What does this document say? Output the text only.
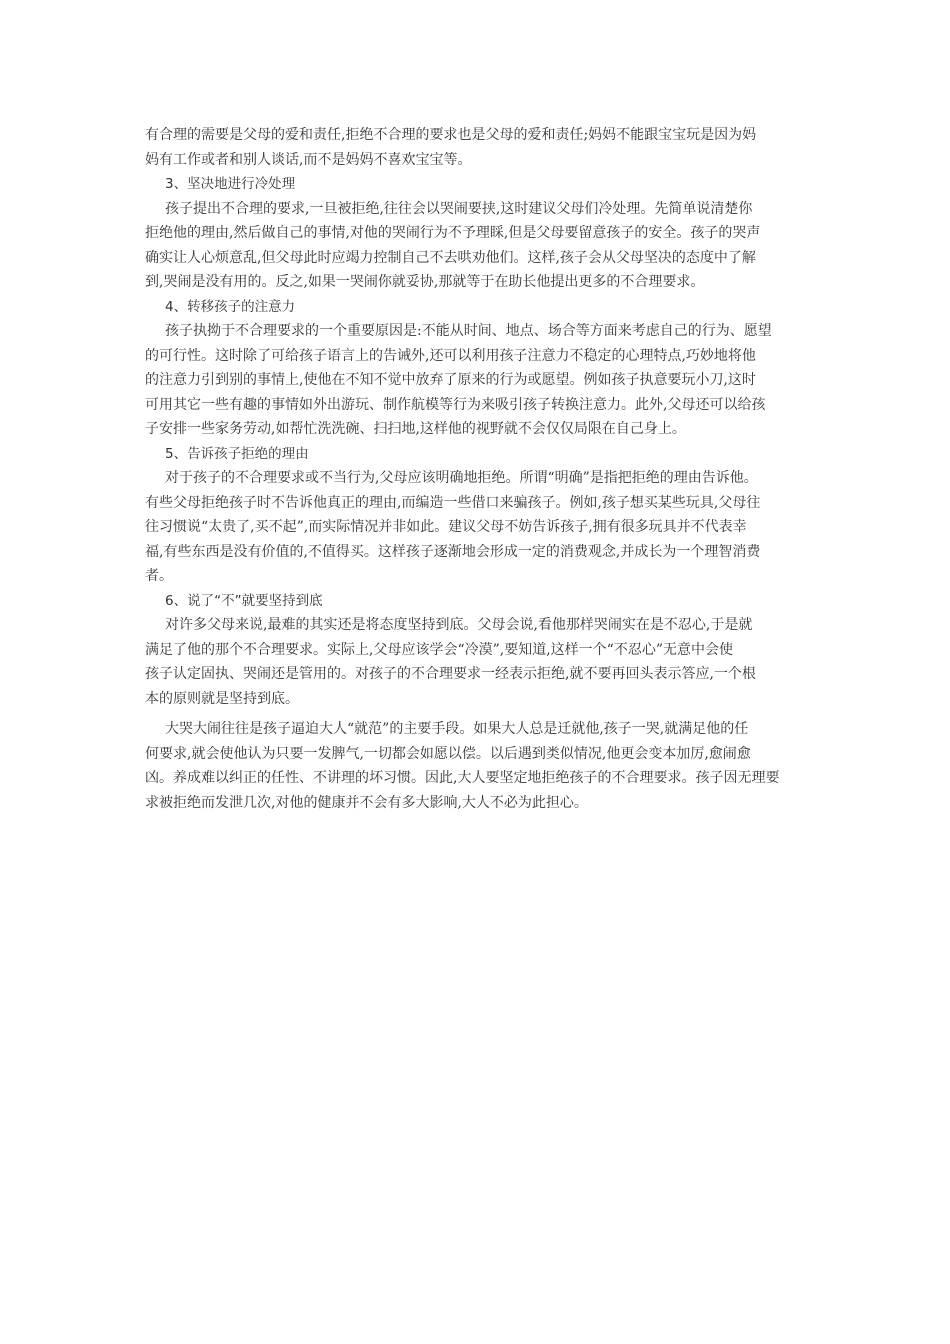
有合理的需要是父母的爱和责任,拒绝不合理的要求也是父母的爱和责任;妈妈不能跟宝宝玩是因为妈

妈有工作或者和别人谈话,而不是妈妈不喜欢宝宝等。

3、坚决地进行冷处理

孩子提出不合理的要求,一旦被拒绝,往往会以哭闹要挟,这时建议父母们冷处理。先简单说清楚你

拒绝他的理由,然后做自己的事情,对他的哭闹行为不予理睬,但是父母要留意孩子的安全。孩子的哭声

确实让人心烦意乱,但父母此时应竭力控制自己不去哄劝他们。这样,孩子会从父母坚决的态度中了解

到,哭闹是没有用的。反之,如果一哭闹你就妥协,那就等于在助长他提出更多的不合理要求。

4、转移孩子的注意力

孩子执拗于不合理要求的一个重要原因是:不能从时间、地点、场合等方面来考虑自己的行为、愿望

的可行性。这时除了可给孩子语言上的告诫外,还可以利用孩子注意力不稳定的心理特点,巧妙地将他

的注意力引到别的事情上,使他在不知不觉中放弃了原来的行为或愿望。例如孩子执意要玩小刀,这时

可用其它一些有趣的事情如外出游玩、制作航模等行为来吸引孩子转换注意力。此外,父母还可以给孩

子安排一些家务劳动,如帮忙洗洗碗、扫扫地,这样他的视野就不会仅仅局限在自己身上。

5、告诉孩子拒绝的理由

对于孩子的不合理要求或不当行为,父母应该明确地拒绝。所谓“明确”是指把拒绝的理由告诉他。

有些父母拒绝孩子时不告诉他真正的理由,而编造一些借口来骗孩子。例如,孩子想买某些玩具,父母往

往习惯说“太贵了,买不起”,而实际情况并非如此。建议父母不妨告诉孩子,拥有很多玩具并不代表幸

福,有些东西是没有价值的,不值得买。这样孩子逐渐地会形成一定的消费观念,并成长为一个理智消费

者。

6、说了“不”就要坚持到底

对许多父母来说,最难的其实还是将态度坚持到底。父母会说,看他那样哭闹实在是不忍心,于是就

满足了他的那个不合理要求。实际上,父母应该学会“冷漠”,要知道,这样一个“不忍心”无意中会使

孩子认定固执、哭闹还是管用的。对孩子的不合理要求一经表示拒绝,就不要再回头表示答应,一个根

本的原则就是坚持到底。

大哭大闹往往是孩子逼迫大人“就范”的主要手段。如果大人总是迁就他,孩子一哭,就满足他的任

何要求,就会使他认为只要一发脾气,一切都会如愿以偿。以后遇到类似情况,他更会变本加厉,愈闹愈

凶。养成难以纠正的任性、不讲理的坏习惯。因此,大人要坚定地拒绝孩子的不合理要求。孩子因无理要

求被拒绝而发泄几次,对他的健康并不会有多大影响,大人不必为此担心。
